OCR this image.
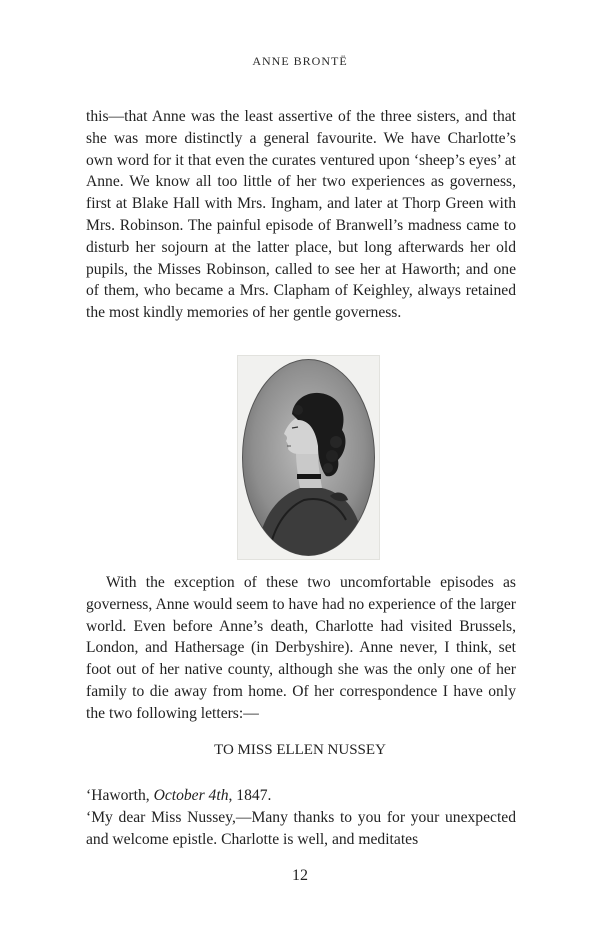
ANNE BRONTË

this—that Anne was the least assertive of the three sisters, and that she was more distinctly a general favourite. We have Charlotte’s own word for it that even the curates ventured upon ‘sheep’s eyes’ at Anne. We know all too little of her two experiences as governess, first at Blake Hall with Mrs. Ingham, and later at Thorp Green with Mrs. Robinson. The painful episode of Branwell’s madness came to disturb her sojourn at the latter place, but long afterwards her old pupils, the Misses Robinson, called to see her at Haworth; and one of them, who became a Mrs. Clapham of Keighley, always retained the most kindly memories of her gentle governess.

With the exception of these two uncomfortable episodes as governess, Anne would seem to have had no experience of the larger world. Even before Anne’s death, Charlotte had visited Brussels, London, and Hathersage (in Derbyshire). Anne never, I think, set foot out of her native county, although she was the only one of her family to die away from home. Of her correspondence I have only the two following letters:—

TO MISS ELLEN NUSSEY

‘Haworth, October 4th, 1847.

‘My dear Miss Nussey,—Many thanks to you for your unexpected and welcome epistle. Charlotte is well, and meditates

12
